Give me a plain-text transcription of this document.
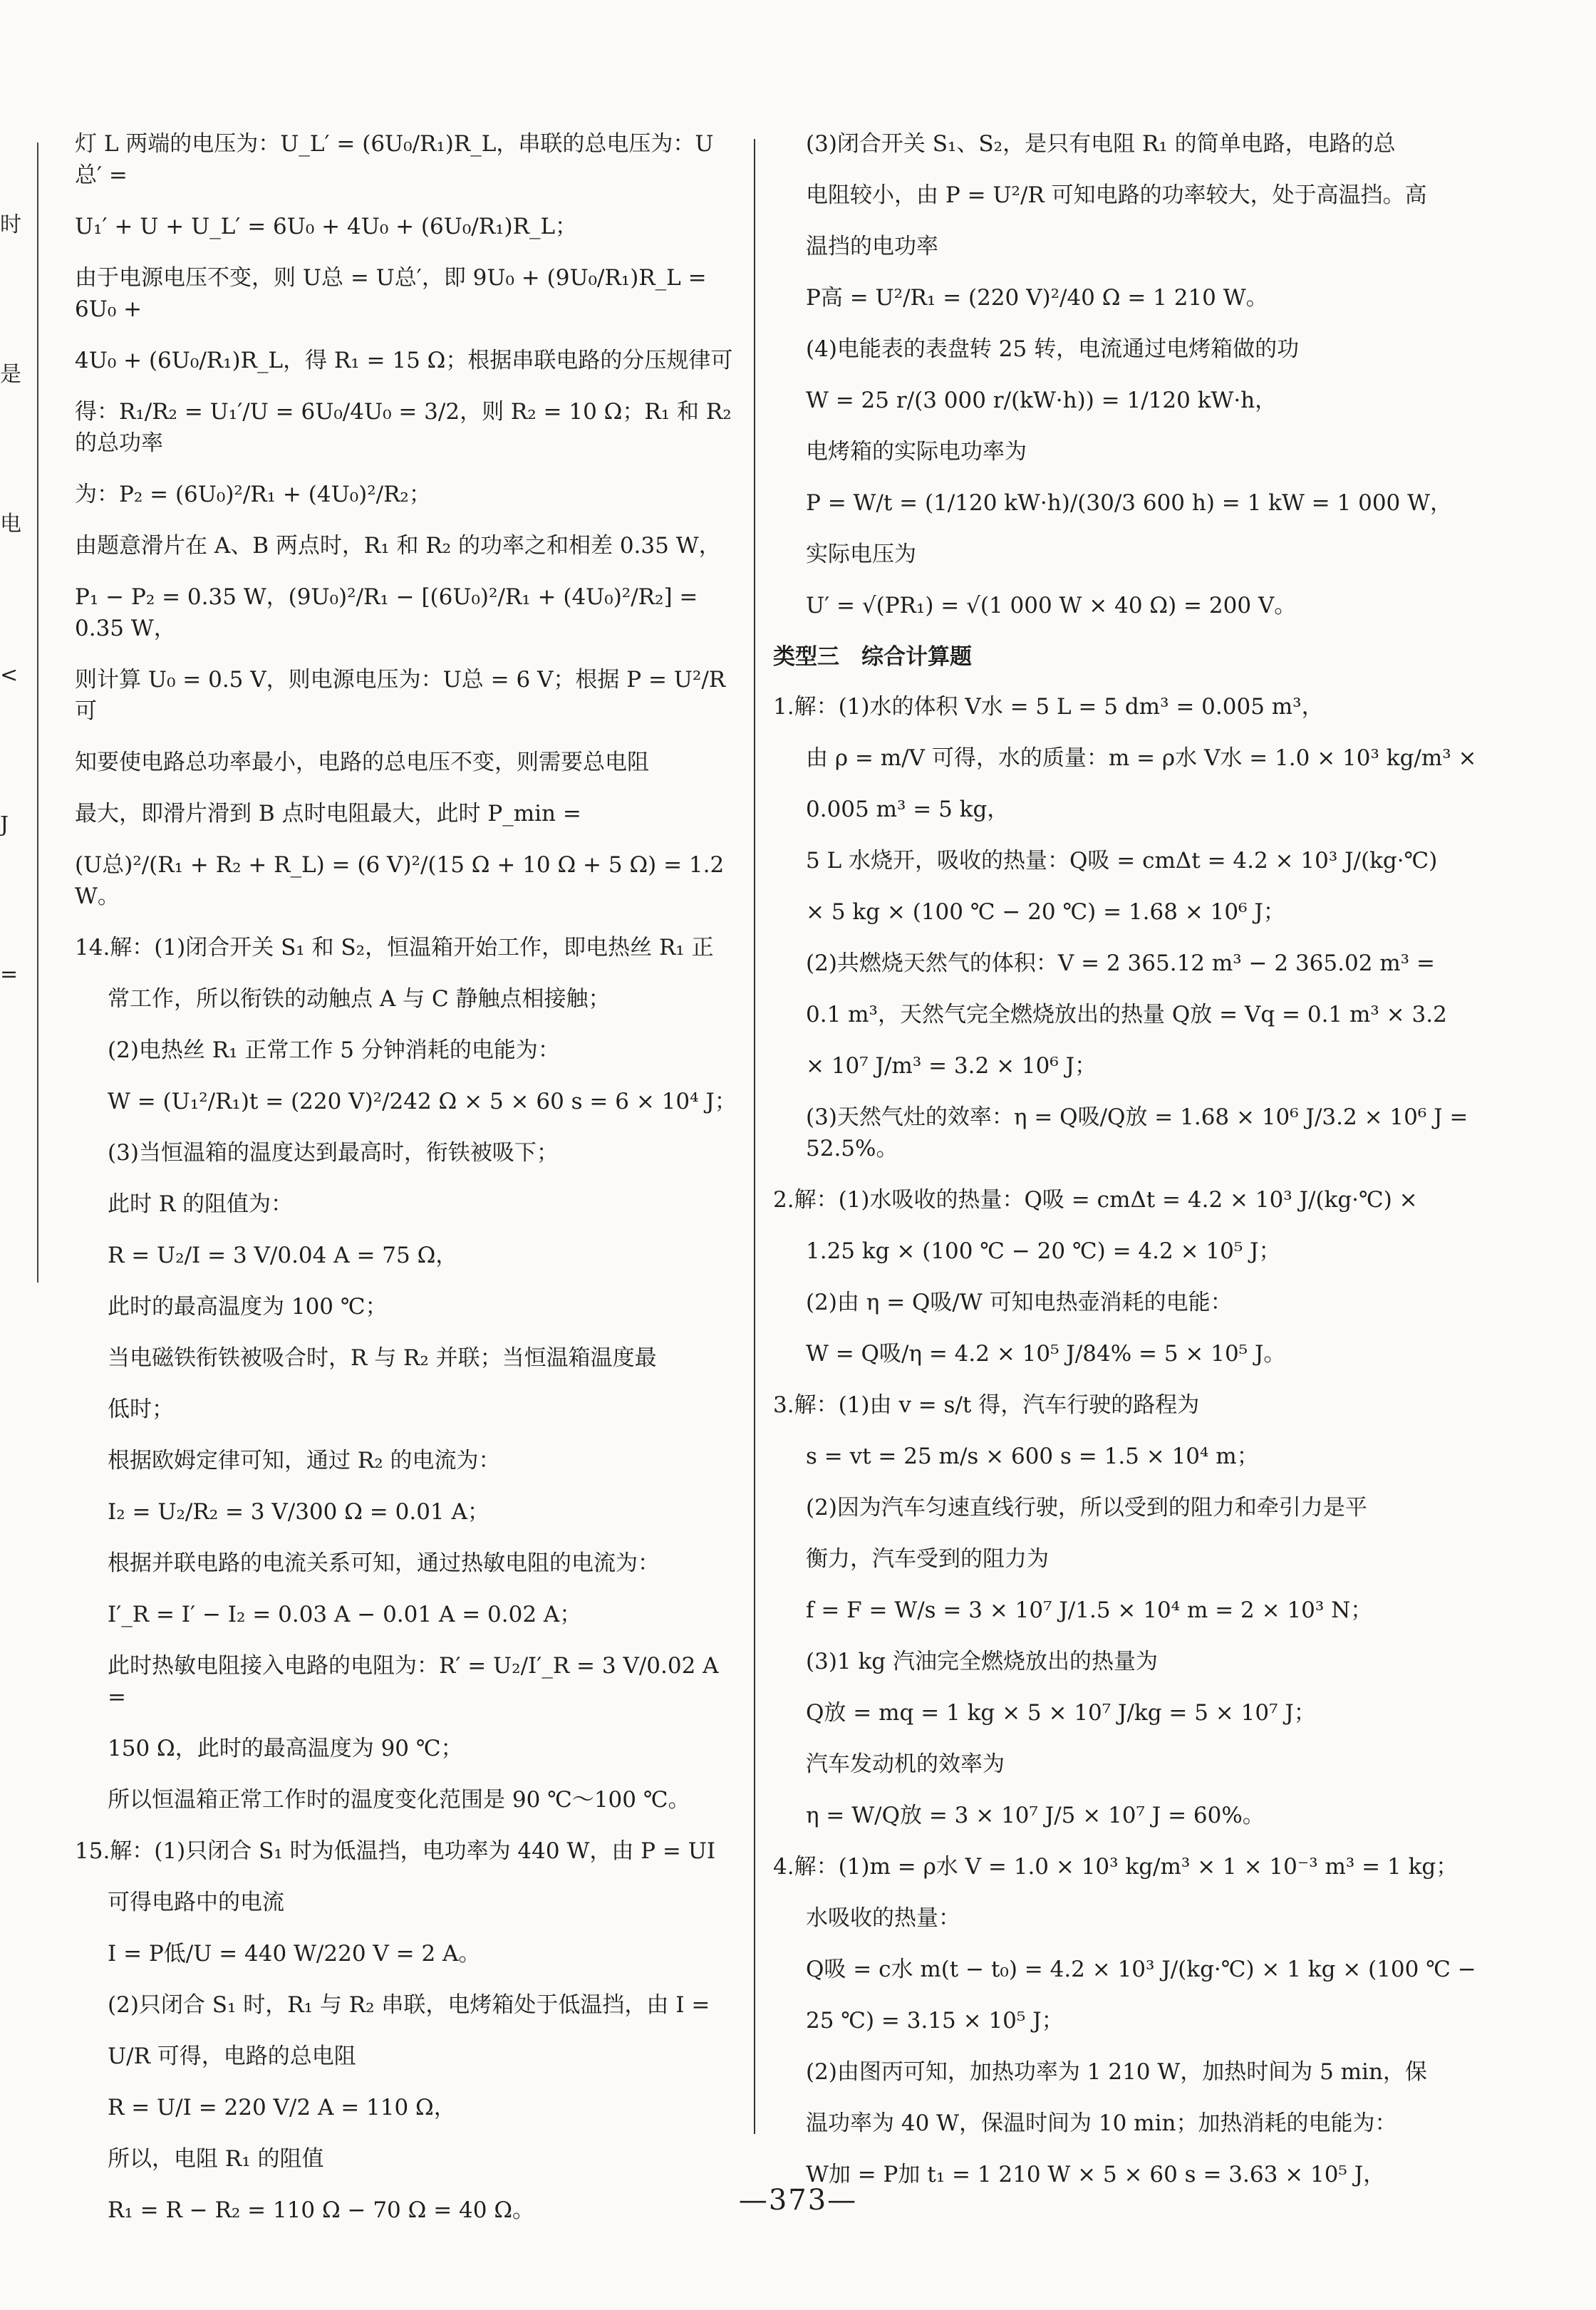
时
是
电
<
J
=
灯 L 两端的电压为：U_L′ = (6U₀/R₁)R_L，串联的总电压为：U总′ =
U₁′ + U + U_L′ = 6U₀ + 4U₀ + (6U₀/R₁)R_L；
由于电源电压不变，则 U总 = U总′，即 9U₀ + (9U₀/R₁)R_L = 6U₀ +
4U₀ + (6U₀/R₁)R_L，得 R₁ = 15 Ω；根据串联电路的分压规律可
得：R₁/R₂ = U₁′/U = 6U₀/4U₀ = 3/2，则 R₂ = 10 Ω；R₁ 和 R₂ 的总功率
为：P₂ = (6U₀)²/R₁ + (4U₀)²/R₂；
由题意滑片在 A、B 两点时，R₁ 和 R₂ 的功率之和相差 0.35 W，
P₁ − P₂ = 0.35 W，(9U₀)²/R₁ − [(6U₀)²/R₁ + (4U₀)²/R₂] = 0.35 W，
则计算 U₀ = 0.5 V，则电源电压为：U总 = 6 V；根据 P = U²/R 可
知要使电路总功率最小，电路的总电压不变，则需要总电阻
最大，即滑片滑到 B 点时电阻最大，此时 P_min =
(U总)²/(R₁ + R₂ + R_L) = (6 V)²/(15 Ω + 10 Ω + 5 Ω) = 1.2 W。
14.解：(1)闭合开关 S₁ 和 S₂，恒温箱开始工作，即电热丝 R₁ 正
常工作，所以衔铁的动触点 A 与 C 静触点相接触；
(2)电热丝 R₁ 正常工作 5 分钟消耗的电能为：
W = (U₁²/R₁)t = (220 V)²/242 Ω × 5 × 60 s = 6 × 10⁴ J；
(3)当恒温箱的温度达到最高时，衔铁被吸下；
此时 R 的阻值为：
R = U₂/I = 3 V/0.04 A = 75 Ω，
此时的最高温度为 100 ℃；
当电磁铁衔铁被吸合时，R 与 R₂ 并联；当恒温箱温度最
低时；
根据欧姆定律可知，通过 R₂ 的电流为：
I₂ = U₂/R₂ = 3 V/300 Ω = 0.01 A；
根据并联电路的电流关系可知，通过热敏电阻的电流为：
I′_R = I′ − I₂ = 0.03 A − 0.01 A = 0.02 A；
此时热敏电阻接入电路的电阻为：R′ = U₂/I′_R = 3 V/0.02 A =
150 Ω，此时的最高温度为 90 ℃；
所以恒温箱正常工作时的温度变化范围是 90 ℃～100 ℃。
15.解：(1)只闭合 S₁ 时为低温挡，电功率为 440 W，由 P = UI
可得电路中的电流
I = P低/U = 440 W/220 V = 2 A。
(2)只闭合 S₁ 时，R₁ 与 R₂ 串联，电烤箱处于低温挡，由 I =
U/R 可得，电路的总电阻
R = U/I = 220 V/2 A = 110 Ω，
所以，电阻 R₁ 的阻值
R₁ = R − R₂ = 110 Ω − 70 Ω = 40 Ω。
(3)闭合开关 S₁、S₂，是只有电阻 R₁ 的简单电路，电路的总
电阻较小，由 P = U²/R 可知电路的功率较大，处于高温挡。高
温挡的电功率
P高 = U²/R₁ = (220 V)²/40 Ω = 1 210 W。
(4)电能表的表盘转 25 转，电流通过电烤箱做的功
W = 25 r/(3 000 r/(kW·h)) = 1/120 kW·h，
电烤箱的实际电功率为
P = W/t = (1/120 kW·h)/(30/3 600 h) = 1 kW = 1 000 W，
实际电压为
U′ = √(PR₁) = √(1 000 W × 40 Ω) = 200 V。
类型三　综合计算题
1.解：(1)水的体积 V水 = 5 L = 5 dm³ = 0.005 m³，
由 ρ = m/V 可得，水的质量：m = ρ水 V水 = 1.0 × 10³ kg/m³ ×
0.005 m³ = 5 kg，
5 L 水烧开，吸收的热量：Q吸 = cmΔt = 4.2 × 10³ J/(kg·℃)
× 5 kg × (100 ℃ − 20 ℃) = 1.68 × 10⁶ J；
(2)共燃烧天然气的体积：V = 2 365.12 m³ − 2 365.02 m³ =
0.1 m³，天然气完全燃烧放出的热量 Q放 = Vq = 0.1 m³ × 3.2
× 10⁷ J/m³ = 3.2 × 10⁶ J；
(3)天然气灶的效率：η = Q吸/Q放 = 1.68 × 10⁶ J/3.2 × 10⁶ J = 52.5%。
2.解：(1)水吸收的热量：Q吸 = cmΔt = 4.2 × 10³ J/(kg·℃) ×
1.25 kg × (100 ℃ − 20 ℃) = 4.2 × 10⁵ J；
(2)由 η = Q吸/W 可知电热壶消耗的电能：
W = Q吸/η = 4.2 × 10⁵ J/84% = 5 × 10⁵ J。
3.解：(1)由 v = s/t 得，汽车行驶的路程为
s = vt = 25 m/s × 600 s = 1.5 × 10⁴ m；
(2)因为汽车匀速直线行驶，所以受到的阻力和牵引力是平
衡力，汽车受到的阻力为
f = F = W/s = 3 × 10⁷ J/1.5 × 10⁴ m = 2 × 10³ N；
(3)1 kg 汽油完全燃烧放出的热量为
Q放 = mq = 1 kg × 5 × 10⁷ J/kg = 5 × 10⁷ J；
汽车发动机的效率为
η = W/Q放 = 3 × 10⁷ J/5 × 10⁷ J = 60%。
4.解：(1)m = ρ水 V = 1.0 × 10³ kg/m³ × 1 × 10⁻³ m³ = 1 kg；
水吸收的热量：
Q吸 = c水 m(t − t₀) = 4.2 × 10³ J/(kg·℃) × 1 kg × (100 ℃ −
25 ℃) = 3.15 × 10⁵ J；
(2)由图丙可知，加热功率为 1 210 W，加热时间为 5 min，保
温功率为 40 W，保温时间为 10 min；加热消耗的电能为：
W加 = P加 t₁ = 1 210 W × 5 × 60 s = 3.63 × 10⁵ J，
—373—
